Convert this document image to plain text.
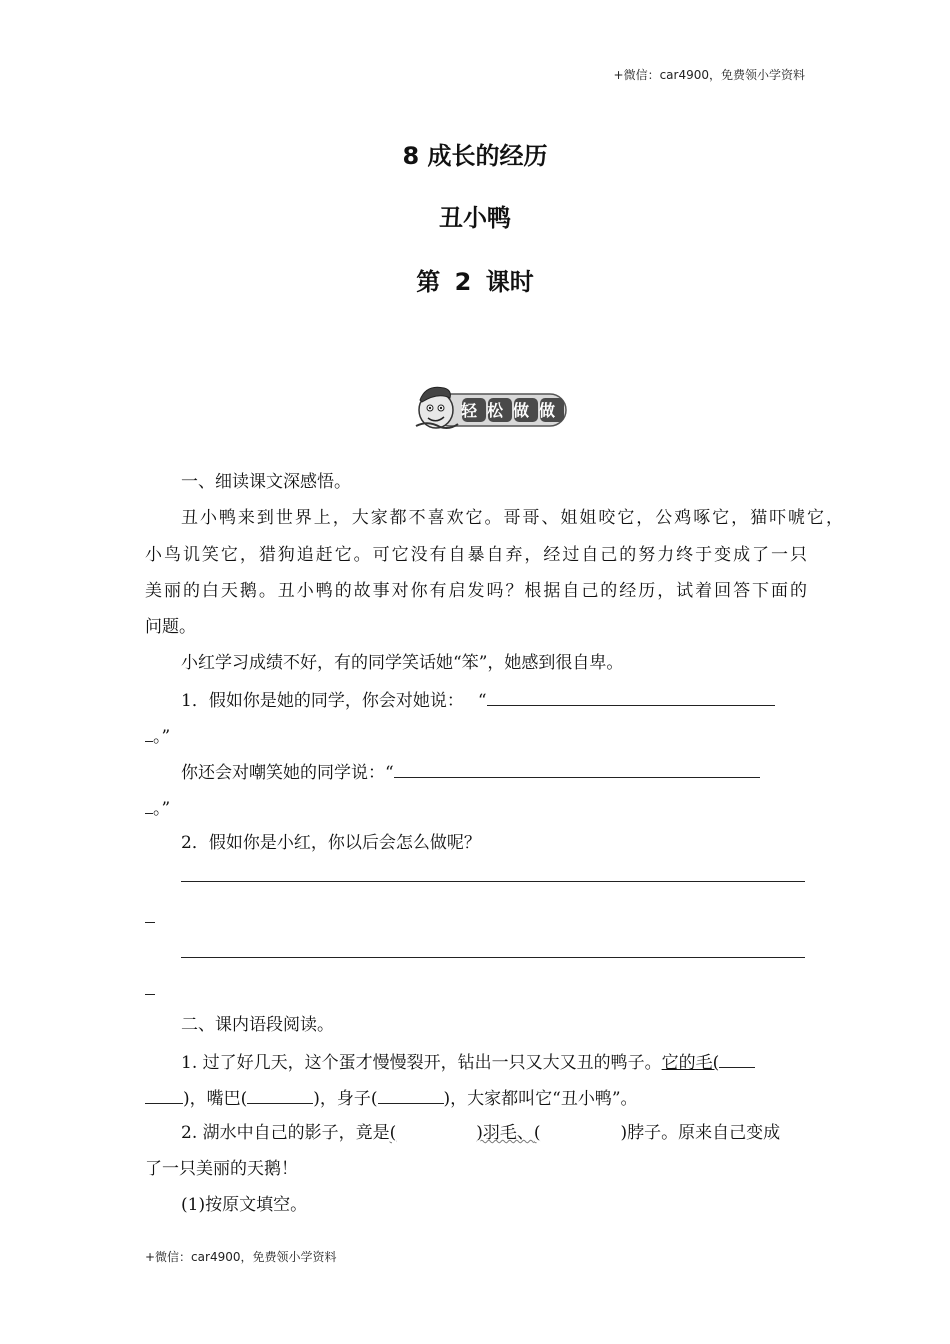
+微信：car4900，免费领小学资料
8 成长的经历
丑小鸭
第 2 课时
轻松做做
一、细读课文深感悟。
丑小鸭来到世界上，大家都不喜欢它。哥哥、姐姐咬它，公鸡啄它，猫吓唬它，
小鸟讥笑它，猎狗追赶它。可它没有自暴自弃，经过自己的努力终于变成了一只
美丽的白天鹅。丑小鸭的故事对你有启发吗？根据自己的经历，试着回答下面的
问题。
小红学习成绩不好，有的同学笑话她“笨”，她感到很自卑。
1．假如你是她的同学，你会对她说： “
。”
你还会对嘲笑她的同学说：“
。”
2．假如你是小红，你以后会怎么做呢？
二、课内语段阅读。
1. 过了好几天，这个蛋才慢慢裂开，钻出一只又大又丑的鸭子。它的毛(
)，嘴巴(	)，身子(	)，大家都叫它“丑小鸭”。
2. 湖水中自己的影子，竟是(	)羽毛、(	)脖子。原来自己变成
了一只美丽的天鹅！
(1)按原文填空。
+微信：car4900，免费领小学资料
